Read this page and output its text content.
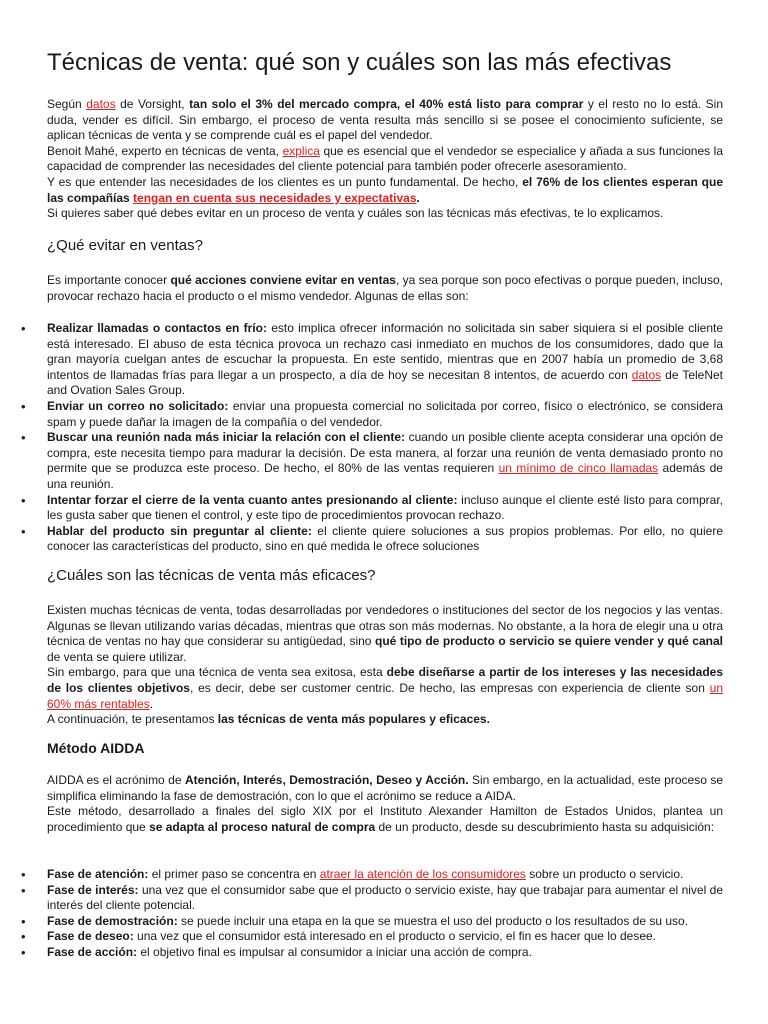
Técnicas de venta: qué son y cuáles son las más efectivas

Según datos de Vorsight, tan solo el 3% del mercado compra, el 40% está listo para comprar y el resto no lo está. Sin duda, vender es difícil. Sin embargo, el proceso de venta resulta más sencillo si se posee el conocimiento suficiente, se aplican técnicas de venta y se comprende cuál es el papel del vendedor.

Benoit Mahé, experto en técnicas de venta, explica que es esencial que el vendedor se especialice y añada a sus funciones la capacidad de comprender las necesidades del cliente potencial para también poder ofrecerle asesoramiento.

Y es que entender las necesidades de los clientes es un punto fundamental. De hecho, el 76% de los clientes esperan que las compañías tengan en cuenta sus necesidades y expectativas.

Si quieres saber qué debes evitar en un proceso de venta y cuáles son las técnicas más efectivas, te lo explicamos.

¿Qué evitar en ventas?

Es importante conocer qué acciones conviene evitar en ventas, ya sea porque son poco efectivas o porque pueden, incluso, provocar rechazo hacia el producto o el mismo vendedor. Algunas de ellas son:

• Realizar llamadas o contactos en frío: esto implica ofrecer información no solicitada sin saber siquiera si el posible cliente está interesado. El abuso de esta técnica provoca un rechazo casi inmediato en muchos de los consumidores, dado que la gran mayoría cuelgan antes de escuchar la propuesta. En este sentido, mientras que en 2007 había un promedio de 3,68 intentos de llamadas frías para llegar a un prospecto, a día de hoy se necesitan 8 intentos, de acuerdo con datos de TeleNet and Ovation Sales Group.
• Enviar un correo no solicitado: enviar una propuesta comercial no solicitada por correo, físico o electrónico, se considera spam y puede dañar la imagen de la compañía o del vendedor.
• Buscar una reunión nada más iniciar la relación con el cliente: cuando un posible cliente acepta considerar una opción de compra, este necesita tiempo para madurar la decisión. De esta manera, al forzar una reunión de venta demasiado pronto no permite que se produzca este proceso. De hecho, el 80% de las ventas requieren un mínimo de cinco llamadas además de una reunión.
• Intentar forzar el cierre de la venta cuanto antes presionando al cliente: incluso aunque el cliente esté listo para comprar, les gusta saber que tienen el control, y este tipo de procedimientos provocan rechazo.
• Hablar del producto sin preguntar al cliente: el cliente quiere soluciones a sus propios problemas. Por ello, no quiere conocer las características del producto, sino en qué medida le ofrece soluciones
¿Cuáles son las técnicas de venta más eficaces?

Existen muchas técnicas de venta, todas desarrolladas por vendedores o instituciones del sector de los negocios y las ventas. Algunas se llevan utilizando varias décadas, mientras que otras son más modernas. No obstante, a la hora de elegir una u otra técnica de ventas no hay que considerar su antigüedad, sino qué tipo de producto o servicio se quiere vender y qué canal de venta se quiere utilizar.

Sin embargo, para que una técnica de venta sea exitosa, esta debe diseñarse a partir de los intereses y las necesidades de los clientes objetivos, es decir, debe ser customer centric. De hecho, las empresas con experiencia de cliente son un 60% más rentables.

A continuación, te presentamos las técnicas de venta más populares y eficaces.

Método AIDDA

AIDDA es el acrónimo de Atención, Interés, Demostración, Deseo y Acción. Sin embargo, en la actualidad, este proceso se simplifica eliminando la fase de demostración, con lo que el acrónimo se reduce a AIDA.

Este método, desarrollado a finales del siglo XIX por el Instituto Alexander Hamilton de Estados Unidos, plantea un procedimiento que se adapta al proceso natural de compra de un producto, desde su descubrimiento hasta su adquisición:

• Fase de atención: el primer paso se concentra en atraer la atención de los consumidores sobre un producto o servicio.
• Fase de interés: una vez que el consumidor sabe que el producto o servicio existe, hay que trabajar para aumentar el nivel de interés del cliente potencial.
• Fase de demostración: se puede incluir una etapa en la que se muestra el uso del producto o los resultados de su uso.
• Fase de deseo: una vez que el consumidor está interesado en el producto o servicio, el fin es hacer que lo desee.
• Fase de acción: el objetivo final es impulsar al consumidor a iniciar una acción de compra.
